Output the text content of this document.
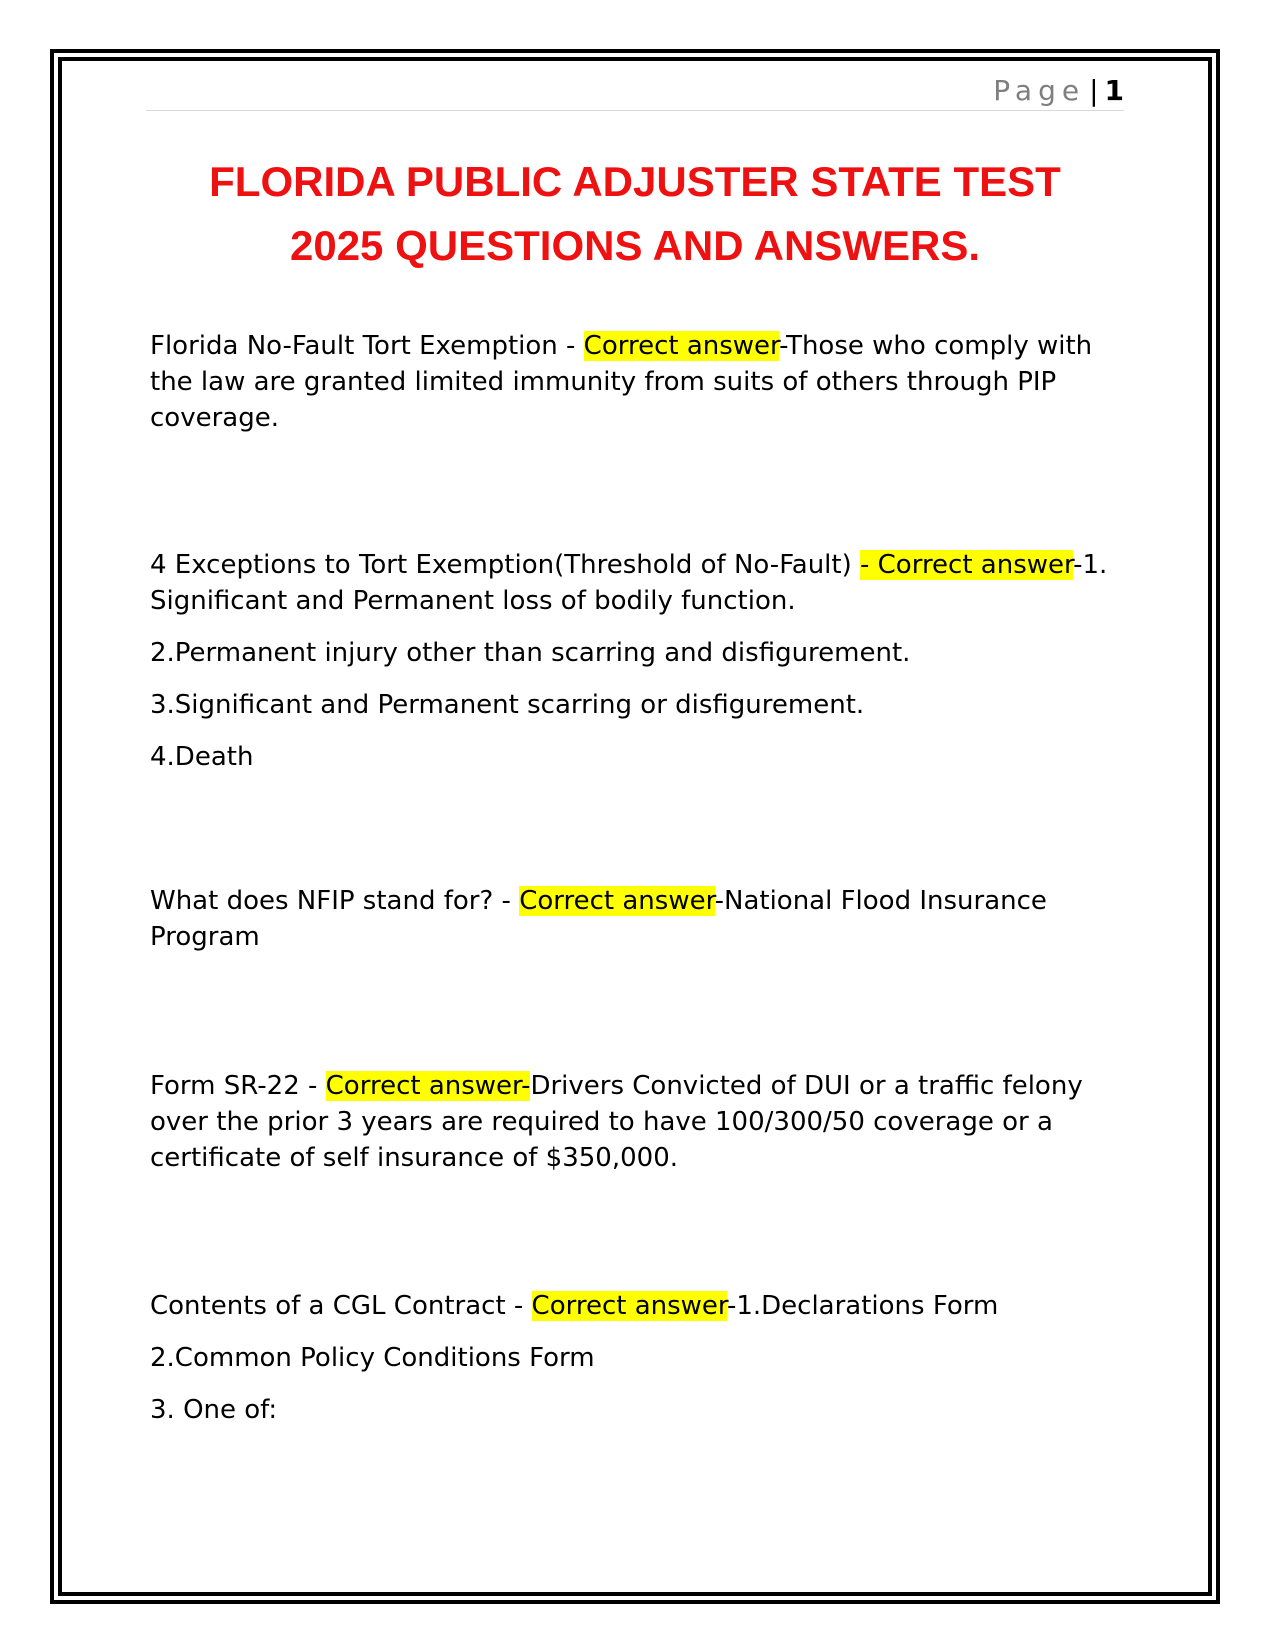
Page | 1
FLORIDA PUBLIC ADJUSTER STATE TEST
2025 QUESTIONS AND ANSWERS.

Florida No-Fault Tort Exemption - Correct answer-Those who comply with the law are granted limited immunity from suits of others through PIP coverage.

4 Exceptions to Tort Exemption(Threshold of No-Fault) - Correct answer-1. Significant and Permanent loss of bodily function.

2.Permanent injury other than scarring and disfigurement.

3.Significant and Permanent scarring or disfigurement.

4.Death

What does NFIP stand for? - Correct answer-National Flood Insurance Program

Form SR-22 - Correct answer-Drivers Convicted of DUI or a traffic felony over the prior 3 years are required to have 100/300/50 coverage or a certificate of self insurance of $350,000.

Contents of a CGL Contract - Correct answer-1.Declarations Form

2.Common Policy Conditions Form

3. One of:
